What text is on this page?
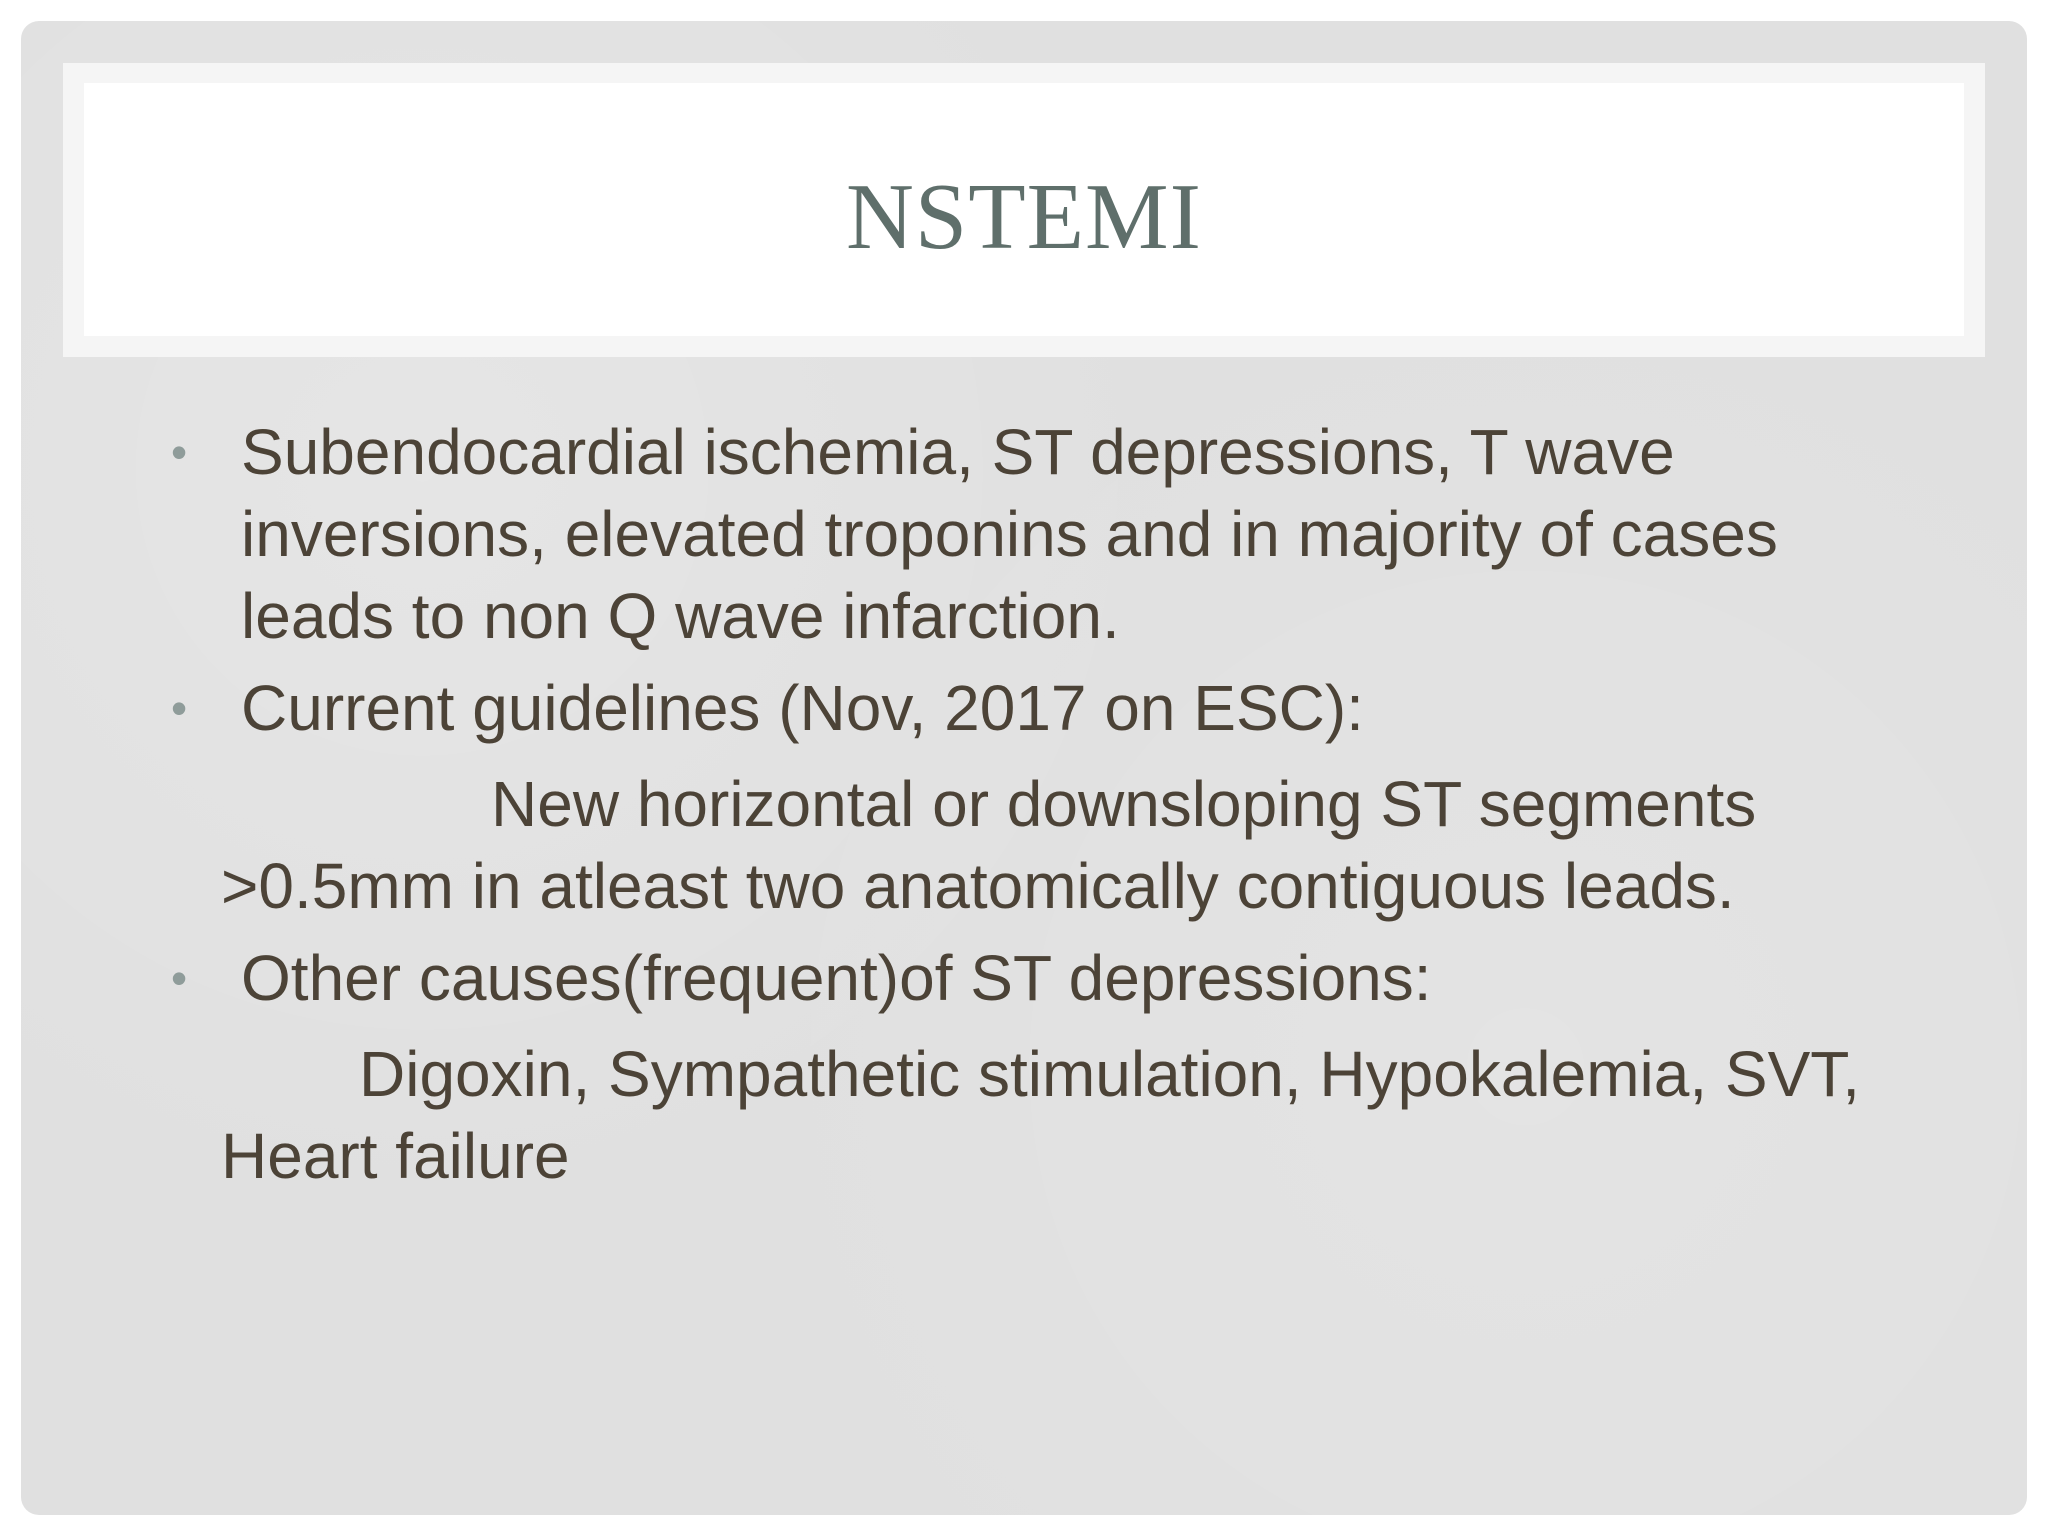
NSTEMI
• Subendocardial ischemia, ST depressions, T wave inversions, elevated troponins and in majority of cases leads to non Q wave infarction.
• Current guidelines (Nov, 2017 on ESC):
New horizontal or downsloping ST segments >0.5mm in atleast two anatomically contiguous leads.
• Other causes(frequent)of ST depressions:
Digoxin, Sympathetic stimulation, Hypokalemia, SVT, Heart failure
